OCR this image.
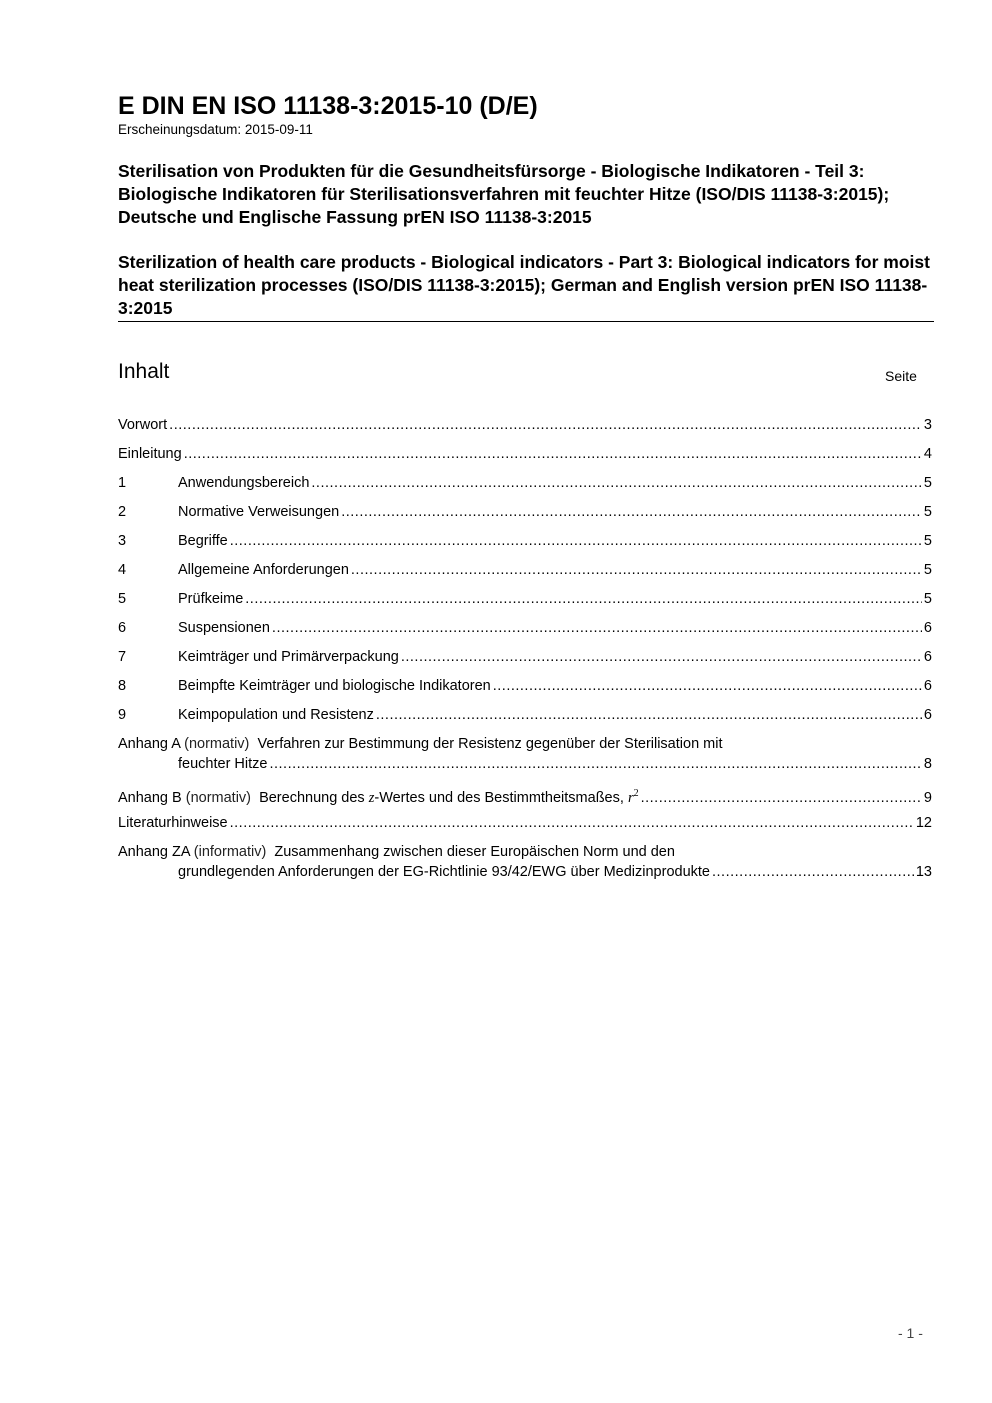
E DIN EN ISO 11138-3:2015-10 (D/E)
Erscheinungsdatum: 2015-09-11

Sterilisation von Produkten für die Gesundheitsfürsorge - Biologische Indikatoren - Teil 3: Biologische Indikatoren für Sterilisationsverfahren mit feuchter Hitze (ISO/DIS 11138-3:2015); Deutsche und Englische Fassung prEN ISO 11138-3:2015

Sterilization of health care products - Biological indicators - Part 3: Biological indicators for moist heat sterilization processes (ISO/DIS 11138-3:2015); German and English version prEN ISO 11138-3:2015

Inhalt	Seite
Vorwort .....	3
Einleitung .....	4
1	Anwendungsbereich .....	5
2	Normative Verweisungen .....	5
3	Begriffe .....	5
4	Allgemeine Anforderungen .....	5
5	Prüfkeime .....	5
6	Suspensionen .....	6
7	Keimträger und Primärverpackung .....	6
8	Beimpfte Keimträger und biologische Indikatoren .....	6
9	Keimpopulation und Resistenz .....	6
Anhang A (normativ) Verfahren zur Bestimmung der Resistenz gegenüber der Sterilisation mit
feuchter Hitze .....	8
Anhang B (normativ) Berechnung des z-Wertes und des Bestimmtheitsmaßes, $r^2$ .....	9
Literaturhinweise .....	12
Anhang ZA (informativ) Zusammenhang zwischen dieser Europäischen Norm und den
grundlegenden Anforderungen der EG-Richtlinie 93/42/EWG über Medizinprodukte .....	13
- 1 -
